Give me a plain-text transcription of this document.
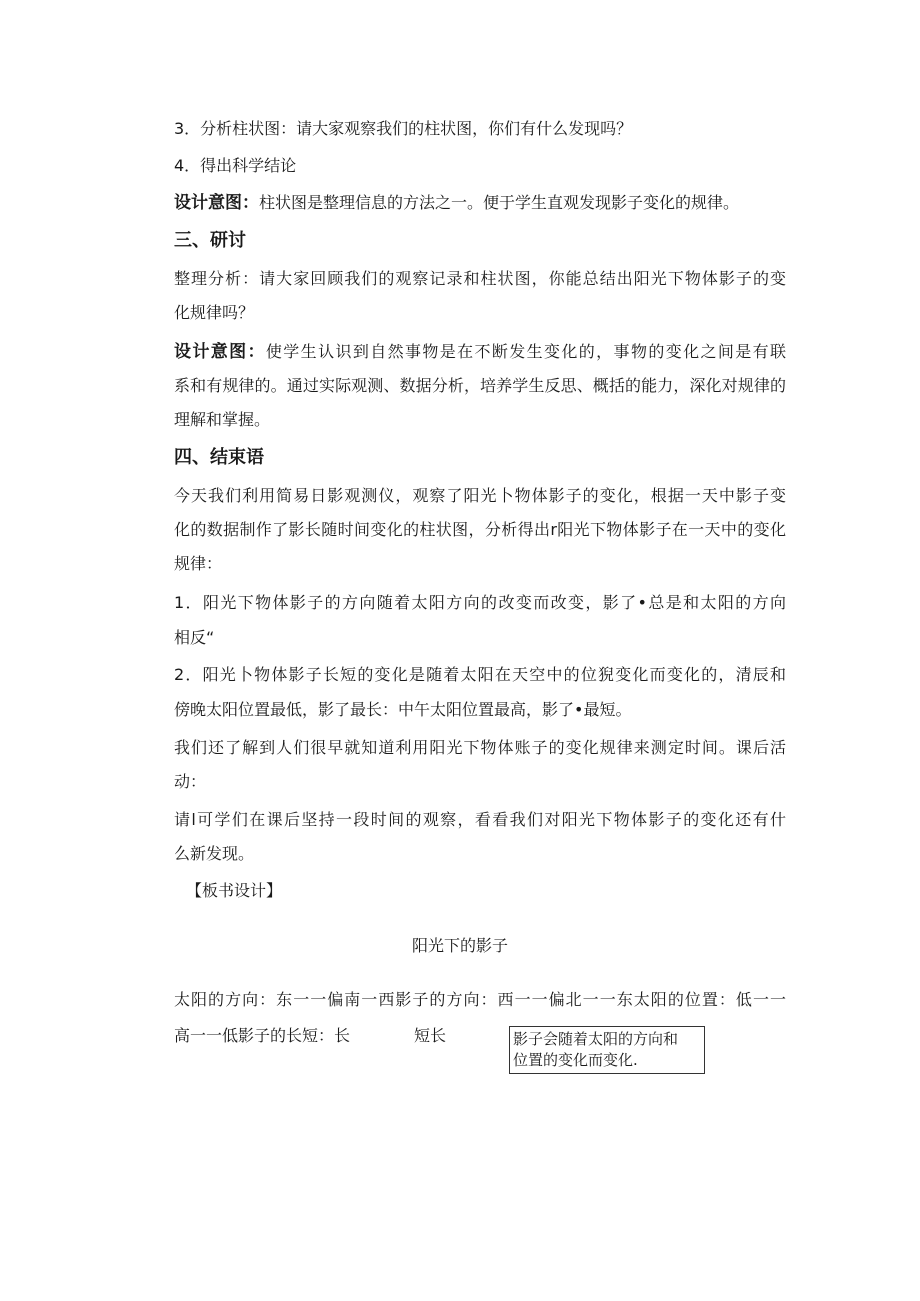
3．分析柱状图：请大家观察我们的柱状图，你们有什么发现吗？

4．得出科学结论

设计意图：柱状图是整理信息的方法之一。便于学生直观发现影子变化的规律。

三、研讨

整理分析：请大家回顾我们的观察记录和柱状图，你能总结出阳光下物体影子的变

化规律吗？

设计意图：使学生认识到自然事物是在不断发生变化的，事物的变化之间是有联

系和有规律的。通过实际观测、数据分析，培养学生反思、概括的能力，深化对规律的

理解和掌握。

四、结束语

今天我们利用简易日影观测仪，观察了阳光卜物体影子的变化，根据一天中影子变

化的数据制作了影长随时间变化的柱状图，分析得出r阳光下物体影子在一天中的变化

规律：

1．阳光下物体影子的方向随着太阳方向的改变而改变，影了•总是和太阳的方向

相反“

2．阳光卜物体影子长短的变化是随着太阳在天空中的位猊变化而变化的，清辰和

傍晚太阳位置最低，影了最长：中午太阳位置最高，影了•最短。

我们还了解到人们很早就知道利用阳光下物体账子的变化规律来测定时间。课后活

动：

请l可学们在课后坚持一段时间的观察，看看我们对阳光下物体影子的变化还有什

么新发现。

【板书设计】

阳光下的影子

太阳的方向：东一一偏南一西影子的方向：西一一偏北一一东太阳的位置：低一一

高一一低影子的长短：长	短长	影子会随着太阳的方向和
位置的变化而变化.
